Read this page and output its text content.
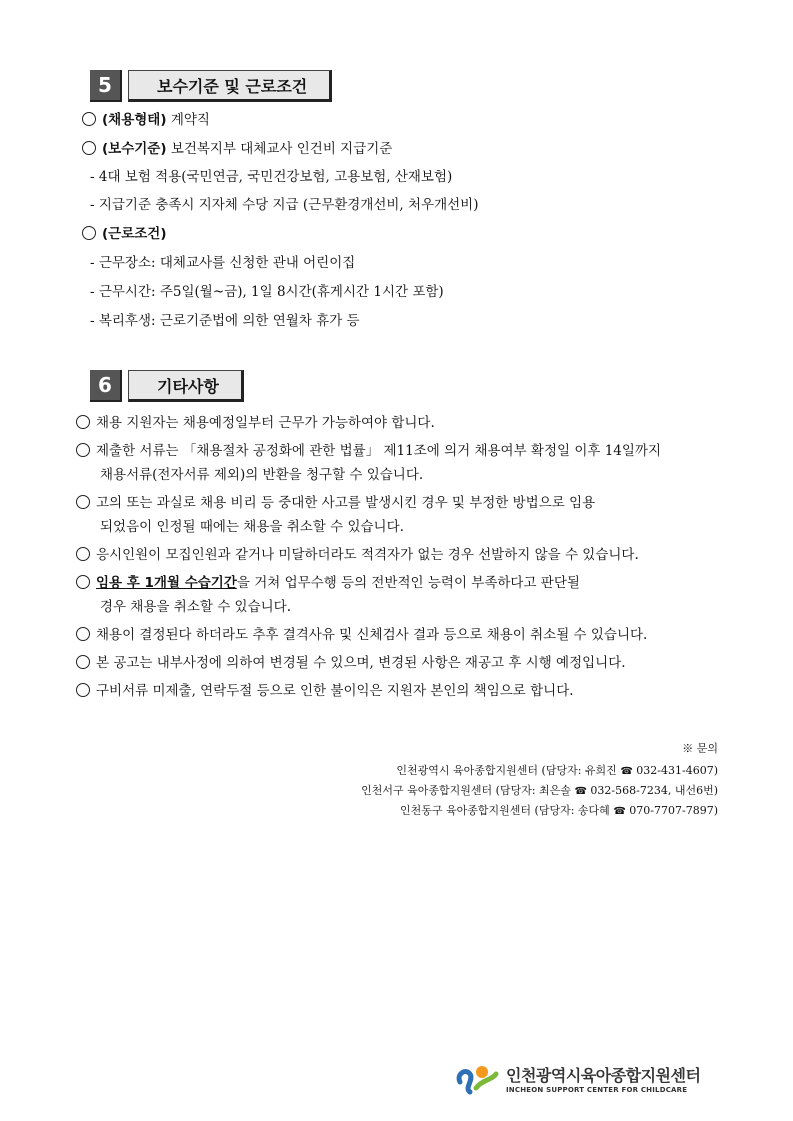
5	보수기준 및 근로조건
(채용형태) 계약직
(보수기준) 보건복지부 대체교사 인건비 지급기준
- 4대 보험 적용(국민연금, 국민건강보험, 고용보험, 산재보험)
- 지급기준 충족시 지자체 수당 지급 (근무환경개선비, 처우개선비)
(근로조건)
- 근무장소: 대체교사를 신청한 관내 어린이집
- 근무시간: 주5일(월~금), 1일 8시간(휴게시간 1시간 포함)
- 복리후생: 근로기준법에 의한 연월차 휴가 등
6	기타사항
채용 지원자는 채용예정일부터 근무가 가능하여야 합니다.
제출한 서류는 「채용절차 공정화에 관한 법률」 제11조에 의거 채용여부 확정일 이후 14일까지
채용서류(전자서류 제외)의 반환을 청구할 수 있습니다.
고의 또는 과실로 채용 비리 등 중대한 사고를 발생시킨 경우 및 부정한 방법으로 임용
되었음이 인정될 때에는 채용을 취소할 수 있습니다.
응시인원이 모집인원과 같거나 미달하더라도 적격자가 없는 경우 선발하지 않을 수 있습니다.
임용 후 1개월 수습기간을 거쳐 업무수행 등의 전반적인 능력이 부족하다고 판단될
경우 채용을 취소할 수 있습니다.
채용이 결정된다 하더라도 추후 결격사유 및 신체검사 결과 등으로 채용이 취소될 수 있습니다.
본 공고는 내부사정에 의하여 변경될 수 있으며, 변경된 사항은 재공고 후 시행 예정입니다.
구비서류 미제출, 연락두절 등으로 인한 불이익은 지원자 본인의 책임으로 합니다.
※ 문의
인천광역시 육아종합지원센터 (담당자: 유희진 ☎ 032-431-4607)
인천서구 육아종합지원센터 (담당자: 최은솔 ☎ 032-568-7234, 내선6번)
인천동구 육아종합지원센터 (담당자: 송다혜 ☎ 070-7707-7897)
인천광역시육아종합지원센터
INCHEON SUPPORT CENTER FOR CHILDCARE
